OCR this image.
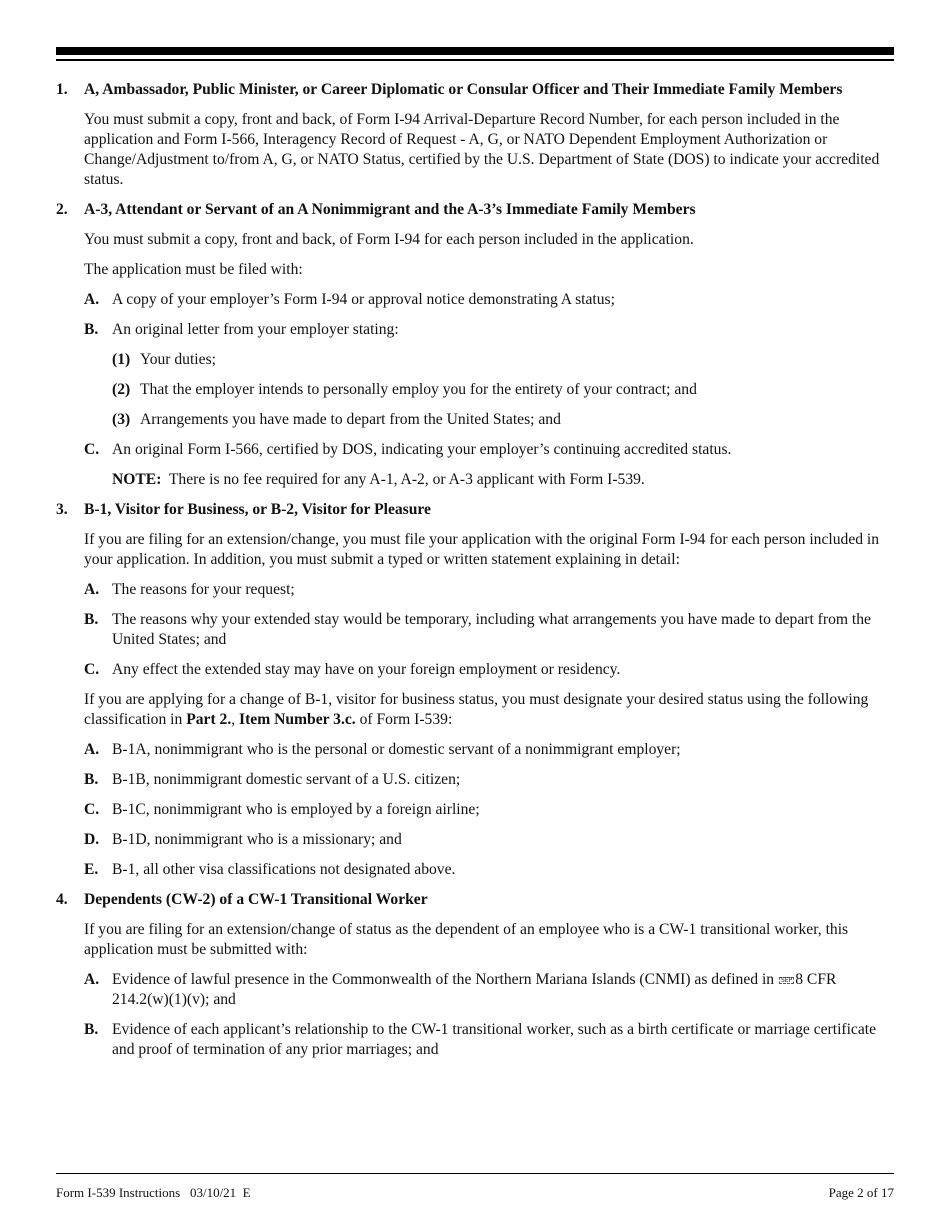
1. A, Ambassador, Public Minister, or Career Diplomatic or Consular Officer and Their Immediate Family Members

You must submit a copy, front and back, of Form I-94 Arrival-Departure Record Number, for each person included in the application and Form I-566, Interagency Record of Request - A, G, or NATO Dependent Employment Authorization or Change/Adjustment to/from A, G, or NATO Status, certified by the U.S. Department of State (DOS) to indicate your accredited status.

2. A-3, Attendant or Servant of an A Nonimmigrant and the A-3’s Immediate Family Members

You must submit a copy, front and back, of Form I-94 for each person included in the application.

The application must be filed with:

A. A copy of your employer’s Form I-94 or approval notice demonstrating A status;
B. An original letter from your employer stating:
(1) Your duties;
(2) That the employer intends to personally employ you for the entirety of your contract; and
(3) Arrangements you have made to depart from the United States; and
C. An original Form I-566, certified by DOS, indicating your employer’s continuing accredited status.

NOTE: There is no fee required for any A-1, A-2, or A-3 applicant with Form I-539.

3. B-1, Visitor for Business, or B-2, Visitor for Pleasure

If you are filing for an extension/change, you must file your application with the original Form I-94 for each person included in your application. In addition, you must submit a typed or written statement explaining in detail:

A. The reasons for your request;
B. The reasons why your extended stay would be temporary, including what arrangements you have made to depart from the United States; and
C. Any effect the extended stay may have on your foreign employment or residency.

If you are applying for a change of B-1, visitor for business status, you must designate your desired status using the following classification in Part 2., Item Number 3.c. of Form I-539:

A. B-1A, nonimmigrant who is the personal or domestic servant of a nonimmigrant employer;
B. B-1B, nonimmigrant domestic servant of a U.S. citizen;
C. B-1C, nonimmigrant who is employed by a foreign airline;
D. B-1D, nonimmigrant who is a missionary; and
E. B-1, all other visa classifications not designated above.
4. Dependents (CW-2) of a CW-1 Transitional Worker

If you are filing for an extension/change of status as the dependent of an employee who is a CW-1 transitional worker, this application must be submitted with:

A. Evidence of lawful presence in the Commonwealth of the Northern Mariana Islands (CNMI) as defined in SEP 8 CFR 214.2(w)(1)(v); and
B. Evidence of each applicant’s relationship to the CW-1 transitional worker, such as a birth certificate or marriage certificate and proof of termination of any prior marriages; and
Form I-539 Instructions   03/10/21  E	Page 2 of 17
